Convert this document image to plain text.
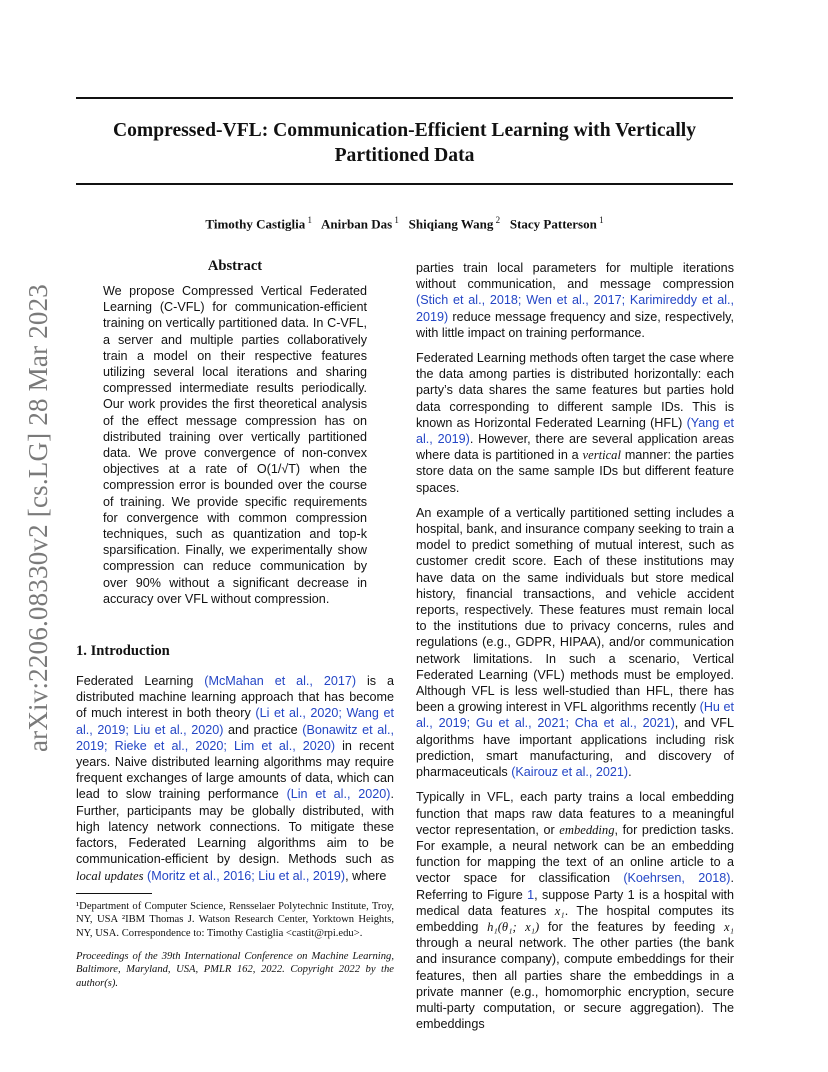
arXiv:2206.08330v2 [cs.LG] 28 Mar 2023
Compressed-VFL: Communication-Efficient Learning with Vertically Partitioned Data
Timothy Castiglia $^1$ Anirban Das $^1$ Shiqiang Wang $^2$ Stacy Patterson $^1$
Abstract
We propose Compressed Vertical Federated Learning (C-VFL) for communication-efficient training on vertically partitioned data. In C-VFL, a server and multiple parties collaboratively train a model on their respective features utilizing several local iterations and sharing compressed intermediate results periodically. Our work provides the first theoretical analysis of the effect message compression has on distributed training over vertically partitioned data. We prove convergence of non-convex objectives at a rate of O(1/√T) when the compression error is bounded over the course of training. We provide specific requirements for convergence with common compression techniques, such as quantization and top-k sparsification. Finally, we experimentally show compression can reduce communication by over 90% without a significant decrease in accuracy over VFL without compression.
1. Introduction
Federated Learning (McMahan et al., 2017) is a distributed machine learning approach that has become of much interest in both theory (Li et al., 2020; Wang et al., 2019; Liu et al., 2020) and practice (Bonawitz et al., 2019; Rieke et al., 2020; Lim et al., 2020) in recent years. Naive distributed learning algorithms may require frequent exchanges of large amounts of data, which can lead to slow training performance (Lin et al., 2020). Further, participants may be globally distributed, with high latency network connections. To mitigate these factors, Federated Learning algorithms aim to be communication-efficient by design. Methods such as local updates (Moritz et al., 2016; Liu et al., 2019), where
¹Department of Computer Science, Rensselaer Polytechnic Institute, Troy, NY, USA ²IBM Thomas J. Watson Research Center, Yorktown Heights, NY, USA. Correspondence to: Timothy Castiglia <castit@rpi.edu>.
Proceedings of the 39th International Conference on Machine Learning, Baltimore, Maryland, USA, PMLR 162, 2022. Copyright 2022 by the author(s).
parties train local parameters for multiple iterations without communication, and message compression (Stich et al., 2018; Wen et al., 2017; Karimireddy et al., 2019) reduce message frequency and size, respectively, with little impact on training performance.
Federated Learning methods often target the case where the data among parties is distributed horizontally: each party’s data shares the same features but parties hold data corresponding to different sample IDs. This is known as Horizontal Federated Learning (HFL) (Yang et al., 2019). However, there are several application areas where data is partitioned in a vertical manner: the parties store data on the same sample IDs but different feature spaces.
An example of a vertically partitioned setting includes a hospital, bank, and insurance company seeking to train a model to predict something of mutual interest, such as customer credit score. Each of these institutions may have data on the same individuals but store medical history, financial transactions, and vehicle accident reports, respectively. These features must remain local to the institutions due to privacy concerns, rules and regulations (e.g., GDPR, HIPAA), and/or communication network limitations. In such a scenario, Vertical Federated Learning (VFL) methods must be employed. Although VFL is less well-studied than HFL, there has been a growing interest in VFL algorithms recently (Hu et al., 2019; Gu et al., 2021; Cha et al., 2021), and VFL algorithms have important applications including risk prediction, smart manufacturing, and discovery of pharmaceuticals (Kairouz et al., 2021).
Typically in VFL, each party trains a local embedding function that maps raw data features to a meaningful vector representation, or embedding, for prediction tasks. For example, a neural network can be an embedding function for mapping the text of an online article to a vector space for classification (Koehrsen, 2018). Referring to Figure 1, suppose Party 1 is a hospital with medical data features x₁. The hospital computes its embedding h₁(θ₁; x₁) for the features by feeding x₁ through a neural network. The other parties (the bank and insurance company), compute embeddings for their features, then all parties share the embeddings in a private manner (e.g., homomorphic encryption, secure multi-party computation, or secure aggregation). The embeddings
